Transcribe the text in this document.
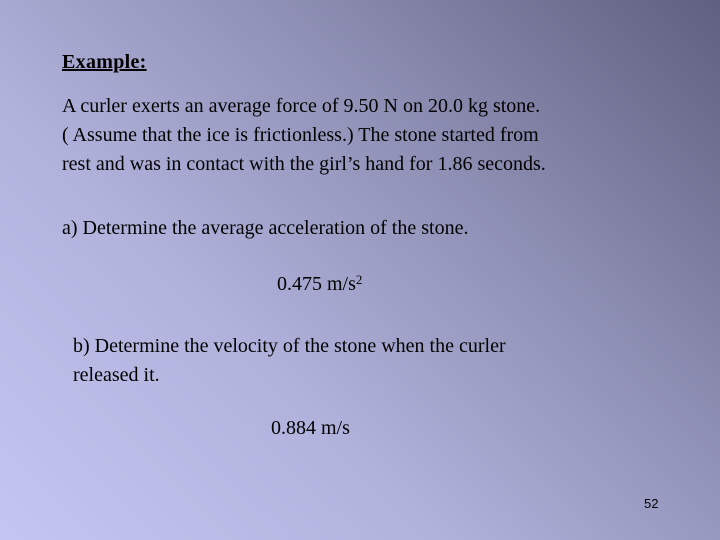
Example:
A curler exerts an average force of 9.50 N on 20.0 kg stone.
( Assume that the ice is frictionless.) The stone started from
rest and was in contact with the girl’s hand for 1.86 seconds.
a) Determine the average acceleration of the stone.
0.475 $m/s^2$
b) Determine the velocity of the stone when the curler
released it.
0.884 m/s
52
